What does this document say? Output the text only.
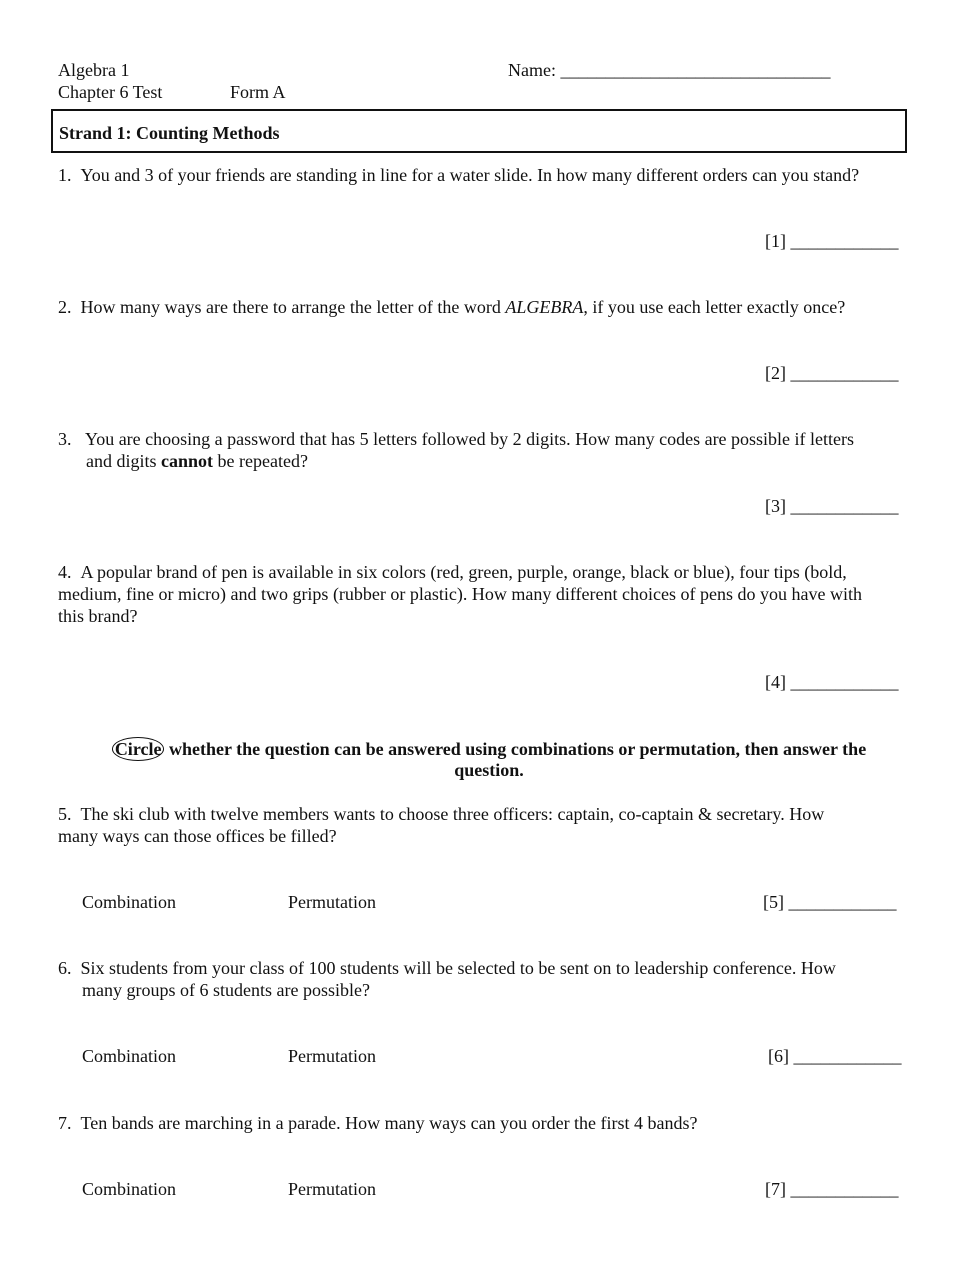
Algebra 1	Name: ______________________________
Chapter 6 Test	Form A
Strand 1: Counting Methods
1. You and 3 of your friends are standing in line for a water slide. In how many different orders can you stand?
[1] ____________
2. How many ways are there to arrange the letter of the word ALGEBRA, if you use each letter exactly once?
[2] ____________
3. You are choosing a password that has 5 letters followed by 2 digits. How many codes are possible if letters
and digits cannot be repeated?
[3] ____________
4. A popular brand of pen is available in six colors (red, green, purple, orange, black or blue), four tips (bold,
medium, fine or micro) and two grips (rubber or plastic). How many different choices of pens do you have with
this brand?
[4] ____________
Circle whether the question can be answered using combinations or permutation, then answer the
question.
5. The ski club with twelve members wants to choose three officers: captain, co-captain & secretary. How
many ways can those offices be filled?
Combination	Permutation	[5] ____________
6. Six students from your class of 100 students will be selected to be sent on to leadership conference. How
many groups of 6 students are possible?
Combination	Permutation	[6] ____________
7. Ten bands are marching in a parade. How many ways can you order the first 4 bands?
Combination	Permutation	[7] ____________
